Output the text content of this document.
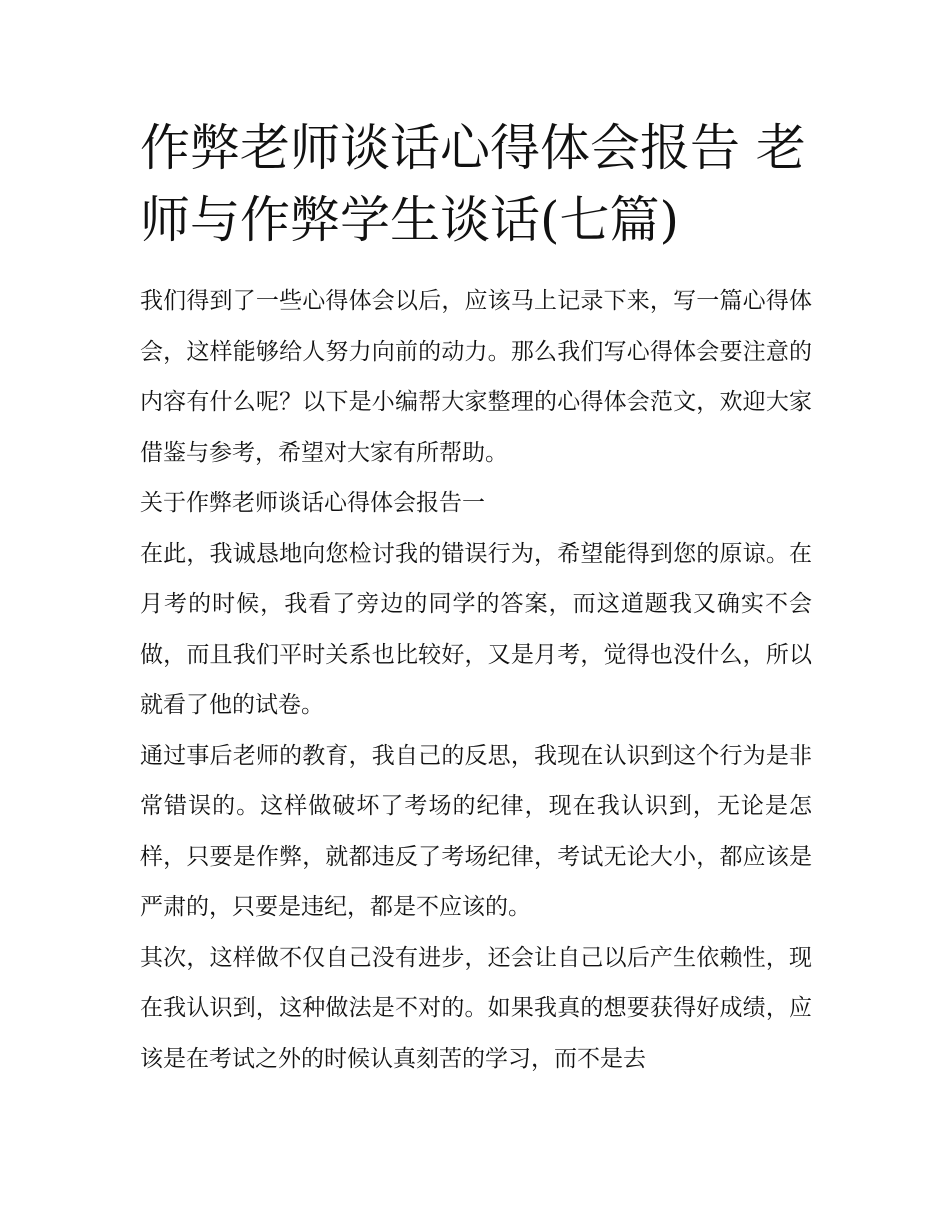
作弊老师谈话心得体会报告 老师与作弊学生谈话(七篇)

我们得到了一些心得体会以后，应该马上记录下来，写一篇心得体会，这样能够给人努力向前的动力。那么我们写心得体会要注意的内容有什么呢？以下是小编帮大家整理的心得体会范文，欢迎大家借鉴与参考，希望对大家有所帮助。

关于作弊老师谈话心得体会报告一

在此，我诚恳地向您检讨我的错误行为，希望能得到您的原谅。在月考的时候，我看了旁边的同学的答案，而这道题我又确实不会做，而且我们平时关系也比较好，又是月考，觉得也没什么，所以就看了他的试卷。

通过事后老师的教育，我自己的反思，我现在认识到这个行为是非常错误的。这样做破坏了考场的纪律，现在我认识到，无论是怎样，只要是作弊，就都违反了考场纪律，考试无论大小，都应该是严肃的，只要是违纪，都是不应该的。

其次，这样做不仅自己没有进步，还会让自己以后产生依赖性，现在我认识到，这种做法是不对的。如果我真的想要获得好成绩，应该是在考试之外的时候认真刻苦的学习，而不是去
